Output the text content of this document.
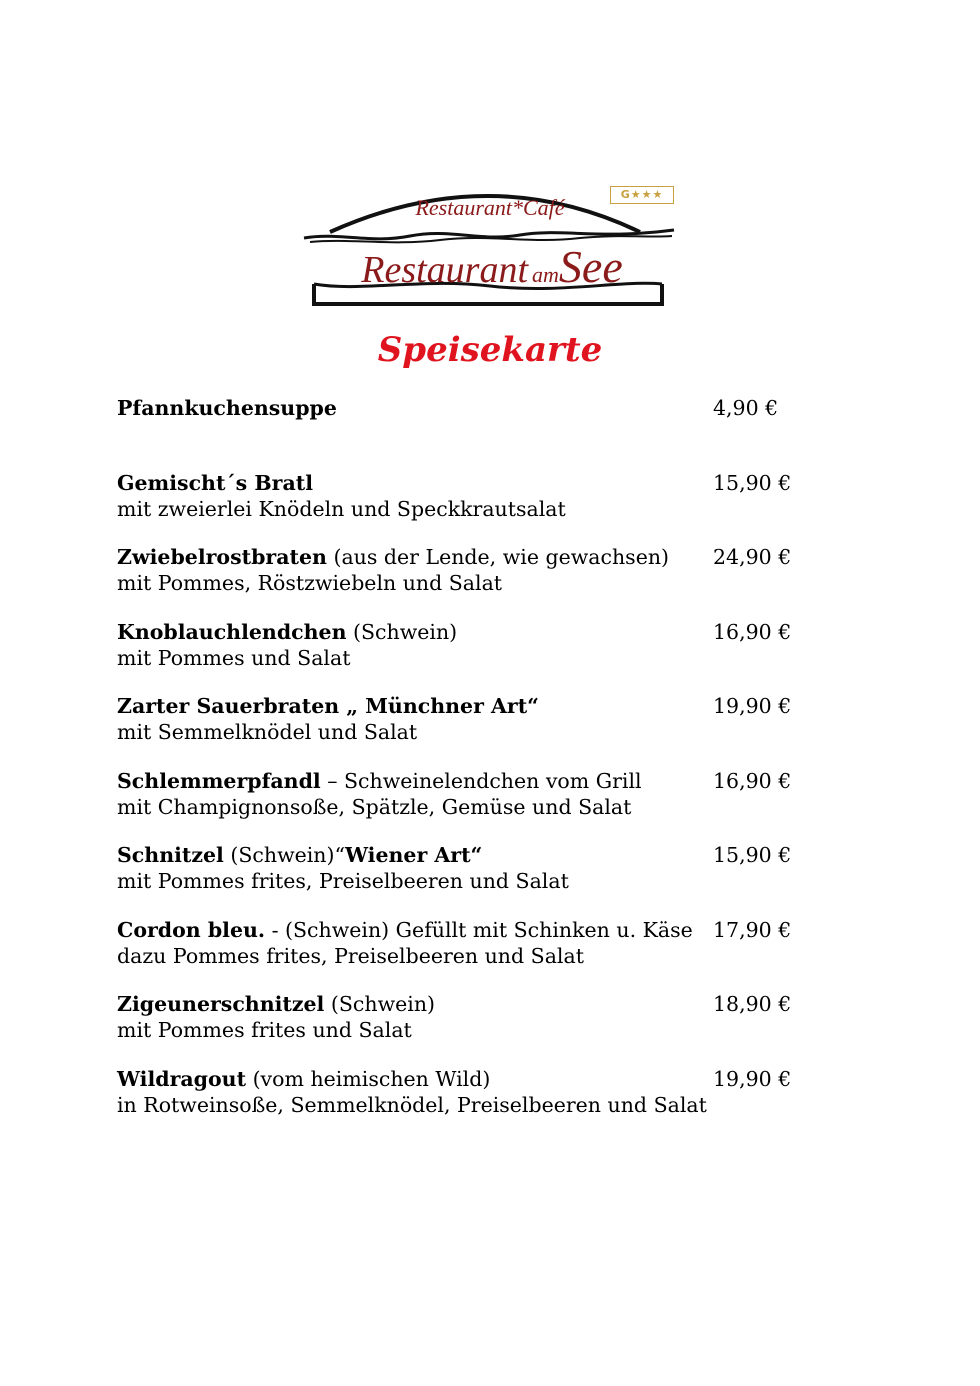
G★★★
Restaurant*Café
Restaurant amSee
Speisekarte
Pfannkuchensuppe	4,90 €
Gemischt´s Bratl
mit zweierlei Knödeln und Speckkrautsalat
15,90 €
Zwiebelrostbraten (aus der Lende, wie gewachsen)
mit Pommes, Röstzwiebeln und Salat
24,90 €
Knoblauchlendchen (Schwein)
mit Pommes und Salat
16,90 €
Zarter Sauerbraten „ Münchner Art“
mit Semmelknödel und Salat
19,90 €
Schlemmerpfandl – Schweinelendchen vom Grill
mit Champignonsoße, Spätzle, Gemüse und Salat
16,90 €
Schnitzel (Schwein)“Wiener Art“
mit Pommes frites, Preiselbeeren und Salat
15,90 €
Cordon bleu. - (Schwein) Gefüllt mit Schinken u. Käse
dazu Pommes frites, Preiselbeeren und Salat
17,90 €
Zigeunerschnitzel (Schwein)
mit Pommes frites und Salat
18,90 €
Wildragout (vom heimischen Wild)
in Rotweinsoße, Semmelknödel, Preiselbeeren und Salat
19,90 €
